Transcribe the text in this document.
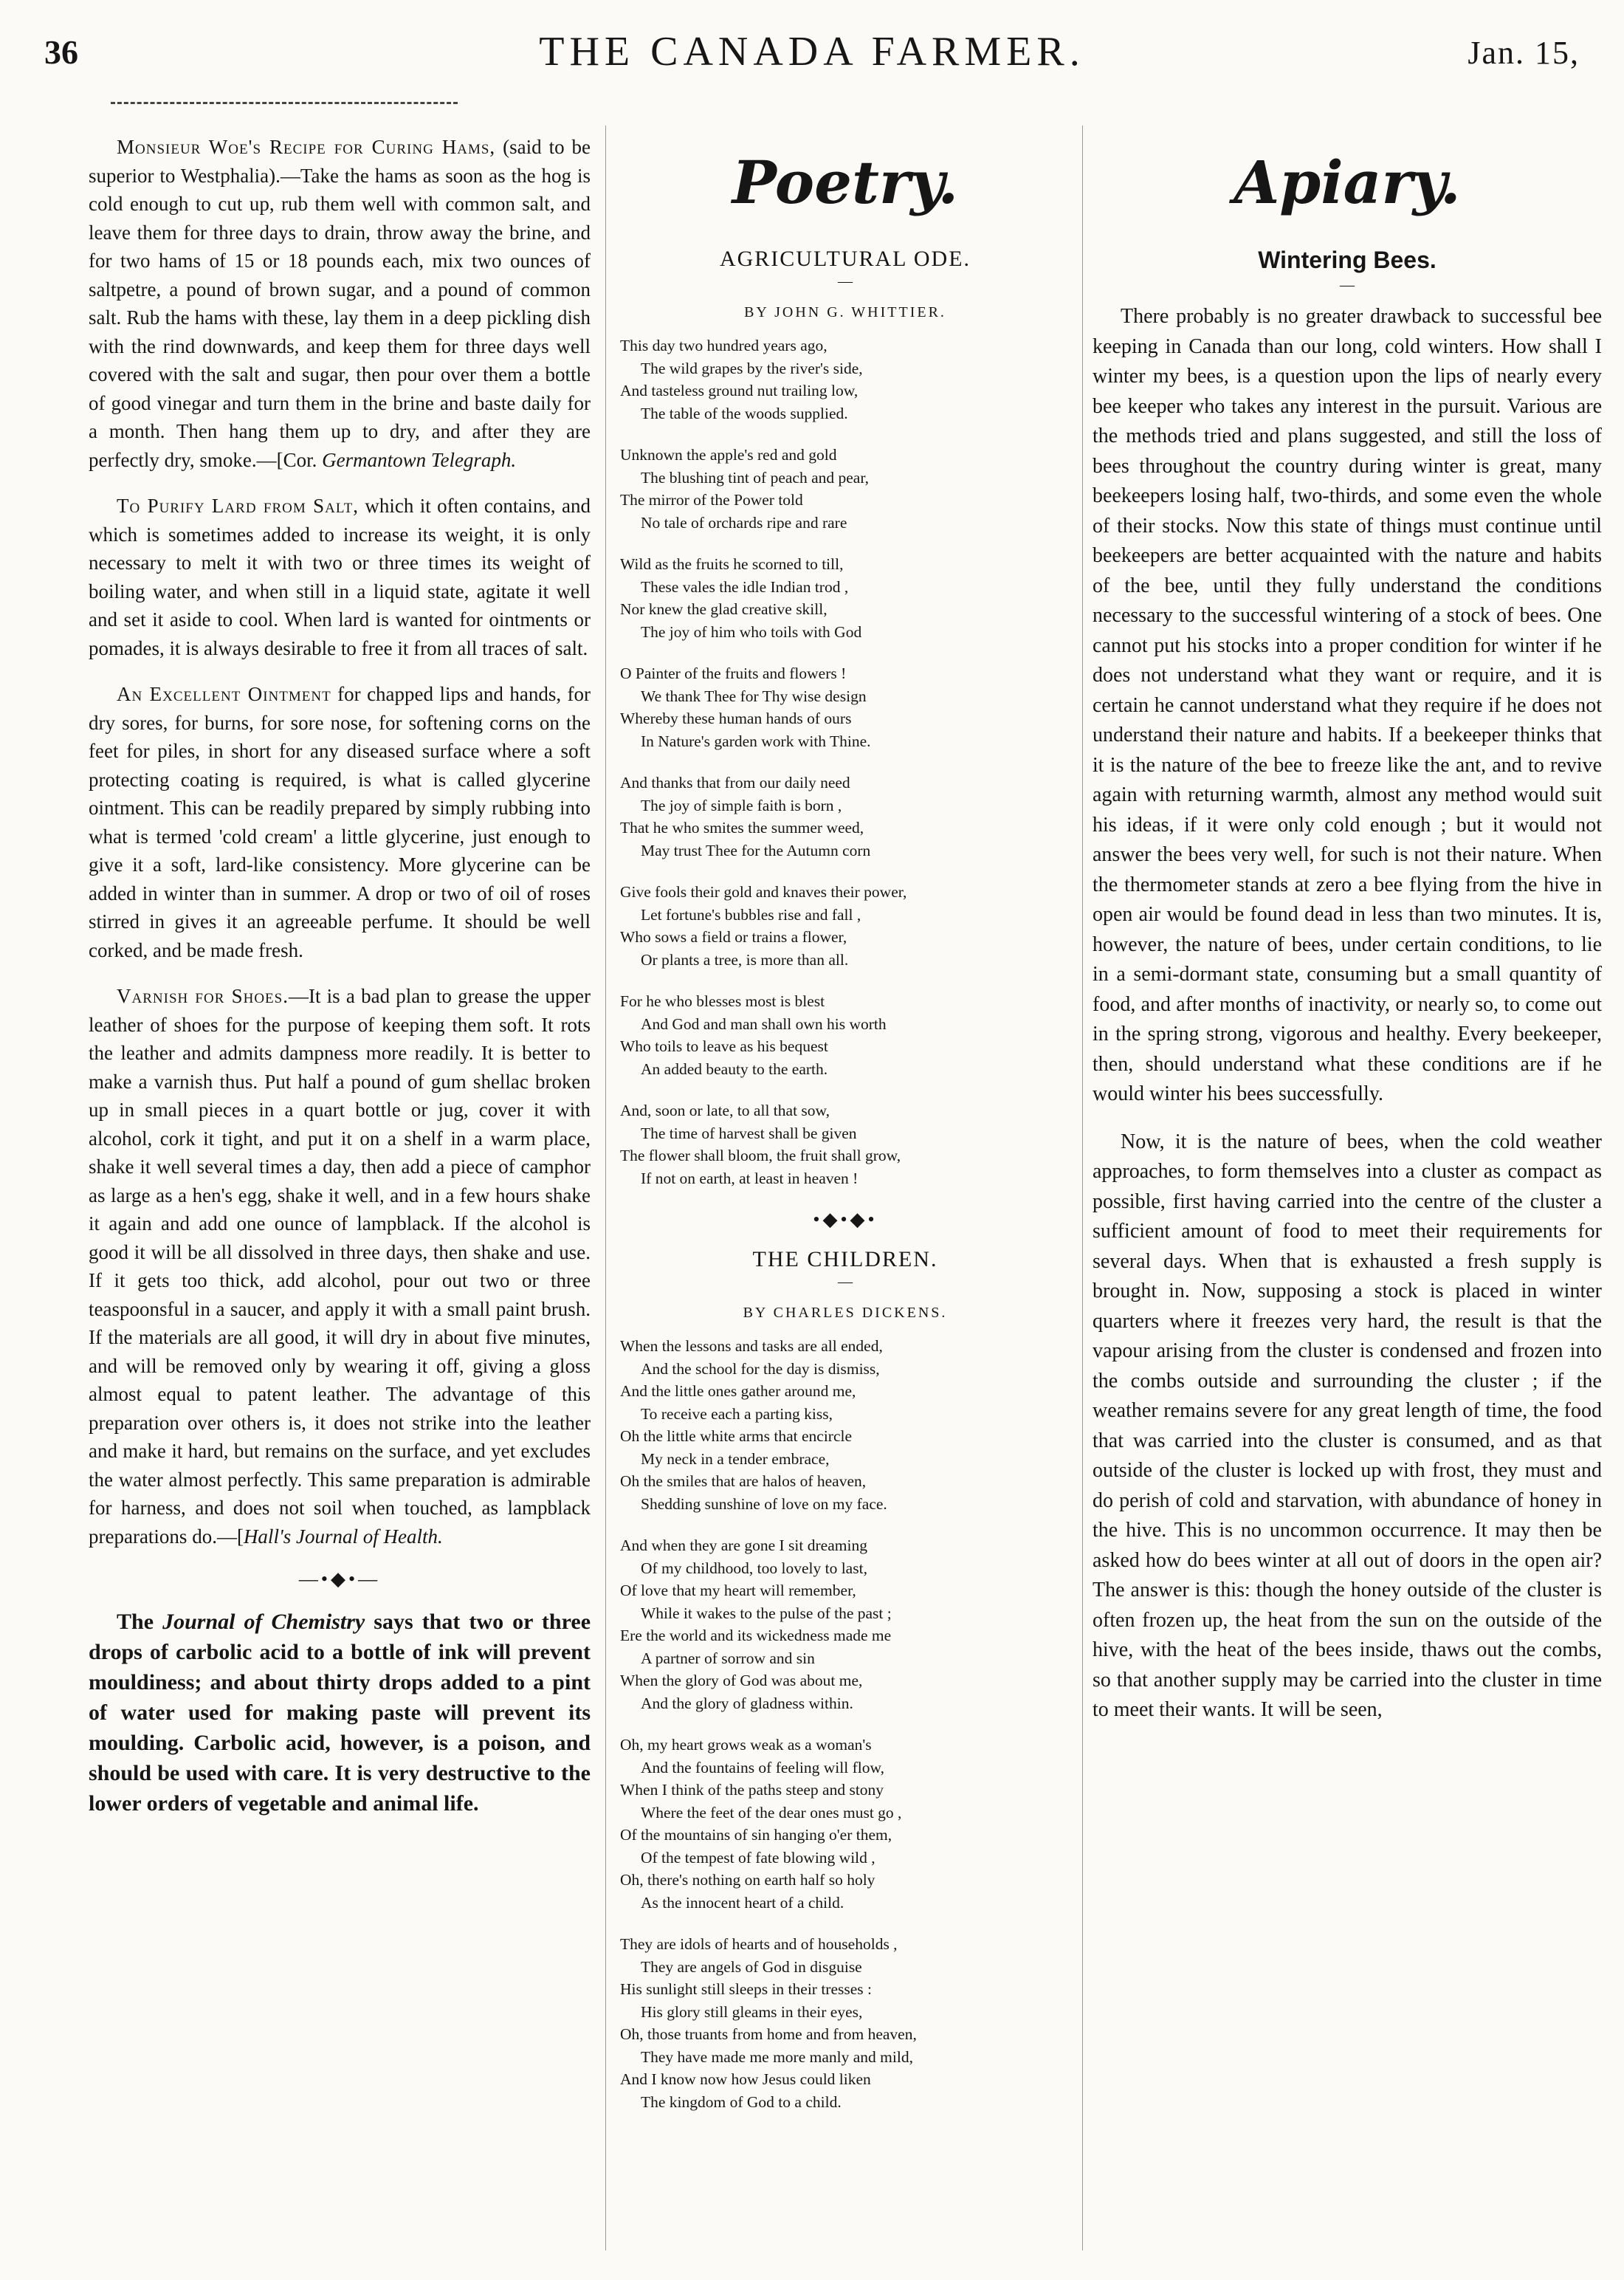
36	THE CANADA FARMER.	Jan. 15,

Monsieur Woe's Recipe for Curing Hams, (said to be superior to Westphalia).—Take the hams as soon as the hog is cold enough to cut up, rub them well with common salt, and leave them for three days to drain, throw away the brine, and for two hams of 15 or 18 pounds each, mix two ounces of saltpetre, a pound of brown sugar, and a pound of common salt. Rub the hams with these, lay them in a deep pickling dish with the rind downwards, and keep them for three days well covered with the salt and sugar, then pour over them a bottle of good vinegar and turn them in the brine and baste daily for a month. Then hang them up to dry, and after they are perfectly dry, smoke.—[Cor. Germantown Telegraph.

To Purify Lard from Salt, which it often contains, and which is sometimes added to increase its weight, it is only necessary to melt it with two or three times its weight of boiling water, and when still in a liquid state, agitate it well and set it aside to cool. When lard is wanted for ointments or pomades, it is always desirable to free it from all traces of salt.

An Excellent Ointment for chapped lips and hands, for dry sores, for burns, for sore nose, for softening corns on the feet for piles, in short for any diseased surface where a soft protecting coating is required, is what is called glycerine ointment. This can be readily prepared by simply rubbing into what is termed 'cold cream' a little glycerine, just enough to give it a soft, lard-like consistency. More glycerine can be added in winter than in summer. A drop or two of oil of roses stirred in gives it an agreeable perfume. It should be well corked, and be made fresh.

Varnish for Shoes.—It is a bad plan to grease the upper leather of shoes for the purpose of keeping them soft. It rots the leather and admits dampness more readily. It is better to make a varnish thus. Put half a pound of gum shellac broken up in small pieces in a quart bottle or jug, cover it with alcohol, cork it tight, and put it on a shelf in a warm place, shake it well several times a day, then add a piece of camphor as large as a hen's egg, shake it well, and in a few hours shake it again and add one ounce of lampblack. If the alcohol is good it will be all dissolved in three days, then shake and use. If it gets too thick, add alcohol, pour out two or three teaspoonsful in a saucer, and apply it with a small paint brush. If the materials are all good, it will dry in about five minutes, and will be removed only by wearing it off, giving a gloss almost equal to patent leather. The advantage of this preparation over others is, it does not strike into the leather and make it hard, but remains on the surface, and yet excludes the water almost perfectly. This same preparation is admirable for harness, and does not soil when touched, as lampblack preparations do.—[Hall's Journal of Health.

—•◆•—

The Journal of Chemistry says that two or three drops of carbolic acid to a bottle of ink will prevent mouldiness; and about thirty drops added to a pint of water used for making paste will prevent its moulding. Carbolic acid, however, is a poison, and should be used with care. It is very destructive to the lower orders of vegetable and animal life.

Poetry.
AGRICULTURAL ODE.
—
BY JOHN G. WHITTIER.
This day two hundred years ago,
The wild grapes by the river's side,
And tasteless ground nut trailing low,
The table of the woods supplied.
Unknown the apple's red and gold
The blushing tint of peach and pear,
The mirror of the Power told
No tale of orchards ripe and rare
Wild as the fruits he scorned to till,
These vales the idle Indian trod ,
Nor knew the glad creative skill,
The joy of him who toils with God
O Painter of the fruits and flowers !
We thank Thee for Thy wise design
Whereby these human hands of ours
In Nature's garden work with Thine.
And thanks that from our daily need
The joy of simple faith is born ,
That he who smites the summer weed,
May trust Thee for the Autumn corn
Give fools their gold and knaves their power,
Let fortune's bubbles rise and fall ,
Who sows a field or trains a flower,
Or plants a tree, is more than all.
For he who blesses most is blest
And God and man shall own his worth
Who toils to leave as his bequest
An added beauty to the earth.
And, soon or late, to all that sow,
The time of harvest shall be given
The flower shall bloom, the fruit shall grow,
If not on earth, at least in heaven !
•◆•◆•
THE CHILDREN.
—
BY CHARLES DICKENS.
When the lessons and tasks are all ended,
And the school for the day is dismiss,
And the little ones gather around me,
To receive each a parting kiss,
Oh the little white arms that encircle
My neck in a tender embrace,
Oh the smiles that are halos of heaven,
Shedding sunshine of love on my face.
And when they are gone I sit dreaming
Of my childhood, too lovely to last,
Of love that my heart will remember,
While it wakes to the pulse of the past ;
Ere the world and its wickedness made me
A partner of sorrow and sin
When the glory of God was about me,
And the glory of gladness within.
Oh, my heart grows weak as a woman's
And the fountains of feeling will flow,
When I think of the paths steep and stony
Where the feet of the dear ones must go ,
Of the mountains of sin hanging o'er them,
Of the tempest of fate blowing wild ,
Oh, there's nothing on earth half so holy
As the innocent heart of a child.
They are idols of hearts and of households ,
They are angels of God in disguise
His sunlight still sleeps in their tresses :
His glory still gleams in their eyes,
Oh, those truants from home and from heaven,
They have made me more manly and mild,
And I know now how Jesus could liken
The kingdom of God to a child.
Apiary.
Wintering Bees.
—

There probably is no greater drawback to successful bee keeping in Canada than our long, cold winters. How shall I winter my bees, is a question upon the lips of nearly every bee keeper who takes any interest in the pursuit. Various are the methods tried and plans suggested, and still the loss of bees throughout the country during winter is great, many beekeepers losing half, two-thirds, and some even the whole of their stocks. Now this state of things must continue until beekeepers are better acquainted with the nature and habits of the bee, until they fully understand the conditions necessary to the successful wintering of a stock of bees. One cannot put his stocks into a proper condition for winter if he does not understand what they want or require, and it is certain he cannot understand what they require if he does not understand their nature and habits. If a beekeeper thinks that it is the nature of the bee to freeze like the ant, and to revive again with returning warmth, almost any method would suit his ideas, if it were only cold enough ; but it would not answer the bees very well, for such is not their nature. When the thermometer stands at zero a bee flying from the hive in open air would be found dead in less than two minutes. It is, however, the nature of bees, under certain conditions, to lie in a semi-dormant state, consuming but a small quantity of food, and after months of inactivity, or nearly so, to come out in the spring strong, vigorous and healthy. Every beekeeper, then, should understand what these conditions are if he would winter his bees successfully.

Now, it is the nature of bees, when the cold weather approaches, to form themselves into a cluster as compact as possible, first having carried into the centre of the cluster a sufficient amount of food to meet their requirements for several days. When that is exhausted a fresh supply is brought in. Now, supposing a stock is placed in winter quarters where it freezes very hard, the result is that the vapour arising from the cluster is condensed and frozen into the combs outside and surrounding the cluster ; if the weather remains severe for any great length of time, the food that was carried into the cluster is consumed, and as that outside of the cluster is locked up with frost, they must and do perish of cold and starvation, with abundance of honey in the hive. This is no uncommon occurrence. It may then be asked how do bees winter at all out of doors in the open air? The answer is this: though the honey outside of the cluster is often frozen up, the heat from the sun on the outside of the hive, with the heat of the bees inside, thaws out the combs, so that another supply may be carried into the cluster in time to meet their wants. It will be seen,
